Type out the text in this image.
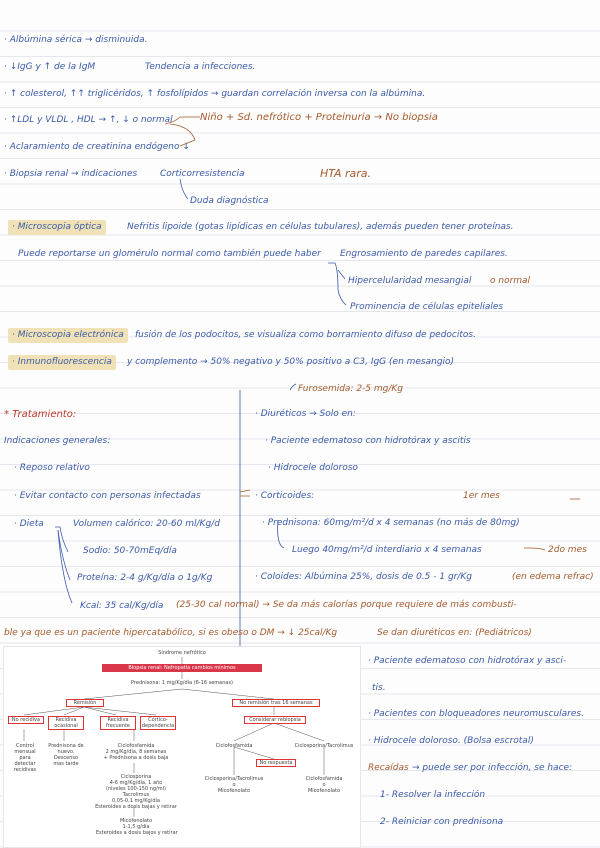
· Albúmina sérica → disminuida.
· ↓IgG y ↑ de la IgM	Tendencia a infecciones.
· ↑ colesterol, ↑↑ triglicéridos, ↑ fosfolípidos → guardan correlación inversa con la albúmina.
· ↑LDL y VLDL , HDL → ↑, ↓ o normal	Niño + Sd. nefrótico + Proteinuria → No biopsia
· Aclaramiento de creatinina endógeno ↓
· Biopsia renal → indicaciones	Corticorresistencia
Duda diagnóstica
HTA rara.
· Microscopia óptica	Nefritis lipoide (gotas lipídicas en células tubulares), además pueden tener proteínas.
Puede reportarse un glomérulo normal como también puede haber Engrosamiento de paredes capilares.
Hipercelularidad mesangial o normal
Prominencia de células epiteliales
· Microscopia electrónica	fusión de los podocitos, se visualiza como borramiento difuso de pedocitos.
· Inmunofluorescencia	y complemento → 50% negativo y 50% positivo a C3, IgG (en mesangio)
Furosemida: 2-5 mg/Kg
* Tratamiento:	· Diuréticos → Solo en:
Indicaciones generales:	· Paciente edematoso con hidrotórax y ascitis
· Reposo relativo	· Hidrocele doloroso
· Evitar contacto con personas infectadas	· Corticoides:	1er mes
· Dieta	Volumen calórico: 20-60 ml/Kg/d	· Prednisona: 60mg/m²/d x 4 semanas (no más de 80mg)
Sodio: 50-70mEq/día	Luego 40mg/m²/d interdiario x 4 semanas	2do mes
Proteína: 2-4 g/Kg/día o 1g/Kg	· Coloides: Albúmina 25%, dosis de 0.5 - 1 gr/Kg	(en edema refrac)
Kcal: 35 cal/Kg/día (25-30 cal normal) → Se da más calorías porque requiere de más combusti-
ble ya que es un paciente hipercatabólico, si es obeso o DM → ↓ 25cal/Kg	Se dan diuréticos en: (Pediátricos)
· Paciente edematoso con hidrotórax y asci-
tis.
· Pacientes con bloqueadores neuromusculares.
· Hidrocele doloroso. (Bolsa escrotal)
Recaídas → puede ser por infección, se hace:
1- Resolver la infección
2- Reiniciar con prednisona
Síndrome nefrótico
Biopsia renal: Nefropatía cambios mínimos
Prednisona: 1 mg/Kg/día (6-16 semanas)
Remisión	No remisión tras 16 semanas
No recidiva	Recidiva ocasional
Recidiva frecuente
Córtico-dependencia
Considerar rebiopsia
Control mensual para detectar recidivas
Prednisona de nuevo. Descenso mas tarde
Ciclofosfamida
2 mg/Kg/día, 8 semanas
+ Prednisona a dosis baja
Ciclosporina
4-6 mg/Kg/día, 1 año
(niveles 100-150 ng/ml)
Tacrolimus
0,05-0,1 mg/Kg/día
Esteroides a dosis bajas y retirar
Micofenolato
1-1,5 g/día
Esteroides a dosis bajos y retirar
Ciclofosfamida	Ciclosporina/Tacrolimus
No respuesta
Ciclosporina/Tacrolimus
o
Micofenolato
Ciclofosfamida
o
Micofenolato
